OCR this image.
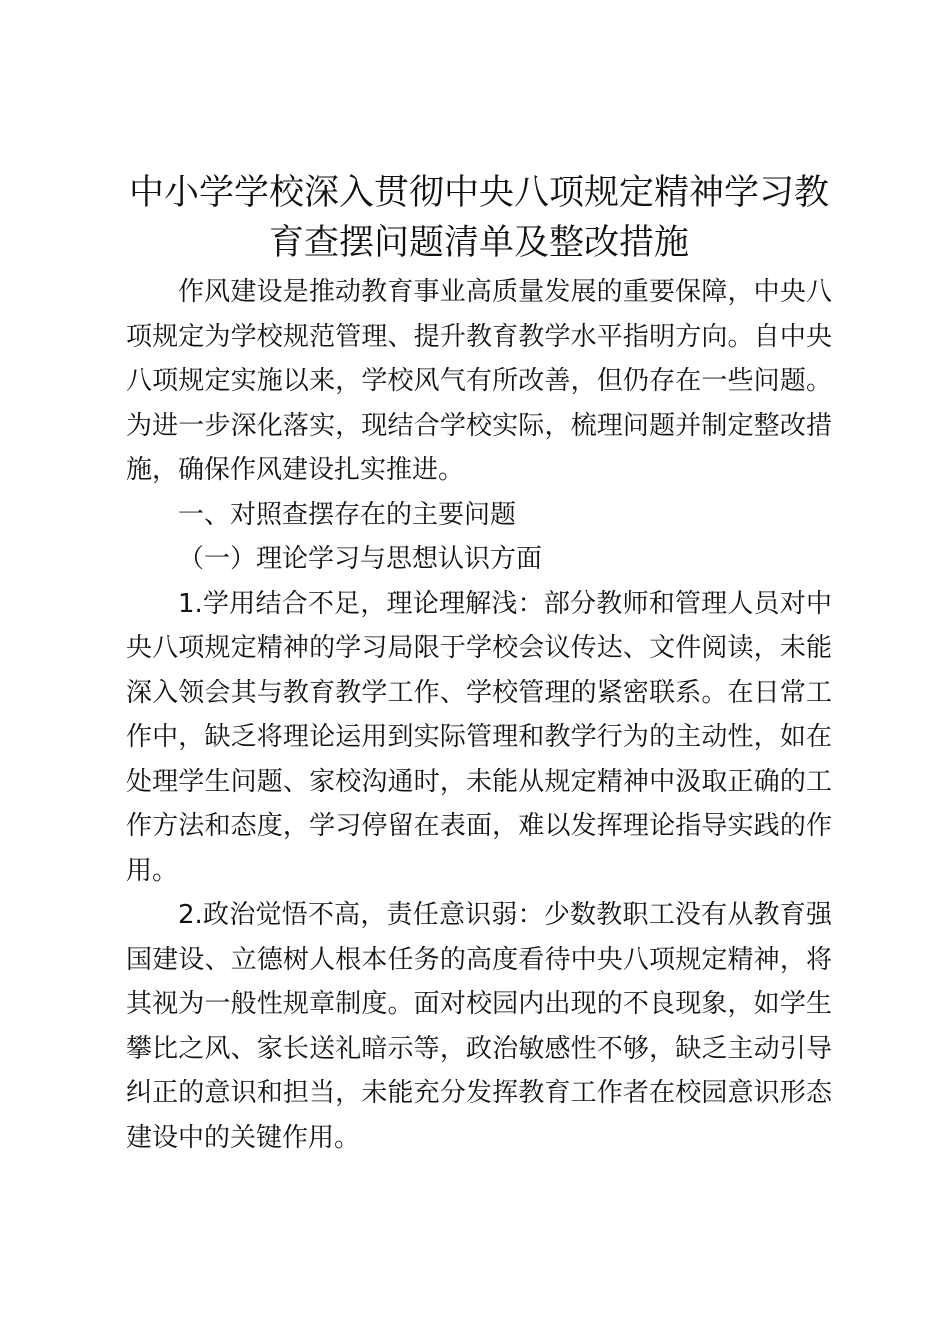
中小学学校深入贯彻中央八项规定精神学习教
育查摆问题清单及整改措施

作风建设是推动教育事业高质量发展的重要保障，中央八项规定为学校规范管理、提升教育教学水平指明方向。自中央八项规定实施以来，学校风气有所改善，但仍存在一些问题。为进一步深化落实，现结合学校实际，梳理问题并制定整改措施，确保作风建设扎实推进。

一、对照查摆存在的主要问题

（一）理论学习与思想认识方面

1.学用结合不足，理论理解浅：部分教师和管理人员对中央八项规定精神的学习局限于学校会议传达、文件阅读，未能深入领会其与教育教学工作、学校管理的紧密联系。在日常工作中，缺乏将理论运用到实际管理和教学行为的主动性，如在处理学生问题、家校沟通时，未能从规定精神中汲取正确的工作方法和态度，学习停留在表面，难以发挥理论指导实践的作用。

2.政治觉悟不高，责任意识弱：少数教职工没有从教育强国建设、立德树人根本任务的高度看待中央八项规定精神，将其视为一般性规章制度。面对校园内出现的不良现象，如学生攀比之风、家长送礼暗示等，政治敏感性不够，缺乏主动引导纠正的意识和担当，未能充分发挥教育工作者在校园意识形态建设中的关键作用。
